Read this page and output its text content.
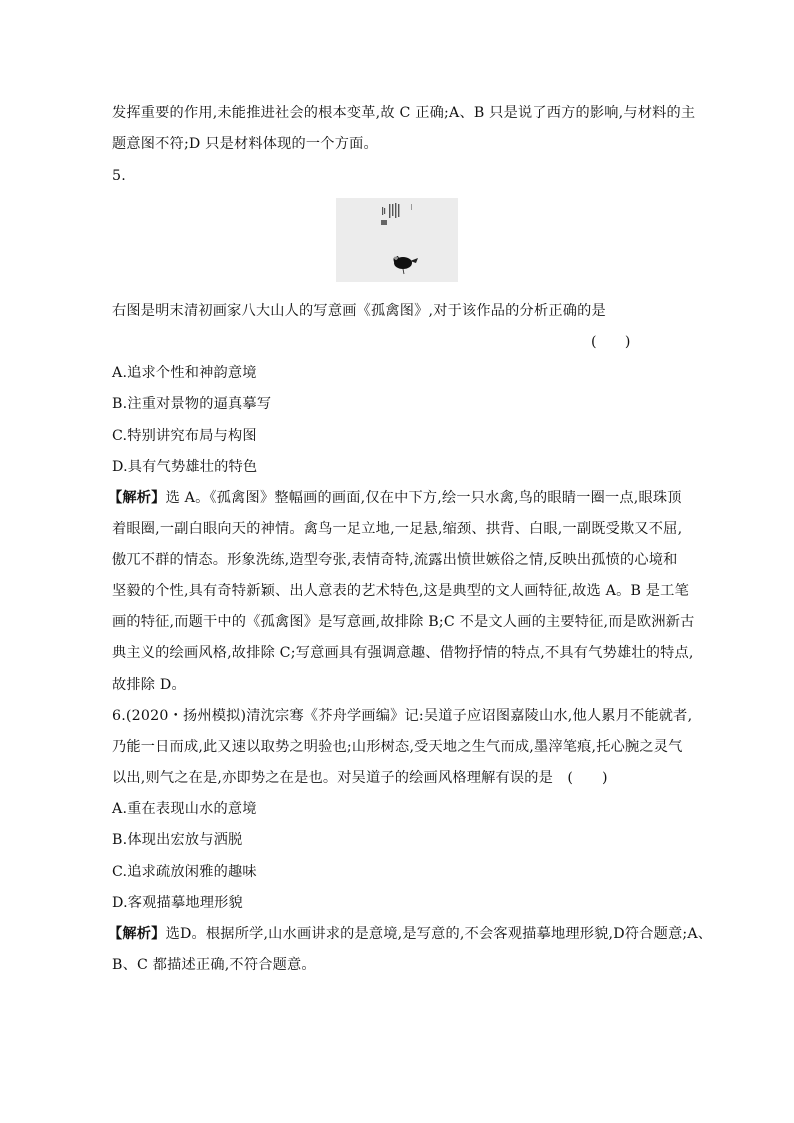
发挥重要的作用,未能推进社会的根本变革,故 C 正确;A、B 只是说了西方的影响,与材料的主
题意图不符;D 只是材料体现的一个方面。
5.
右图是明末清初画家八大山人的写意画《孤禽图》,对于该作品的分析正确的是
(　　)
A.追求个性和神韵意境
B.注重对景物的逼真摹写
C.特别讲究布局与构图
D.具有气势雄壮的特色
【解析】选 A。《孤禽图》整幅画的画面,仅在中下方,绘一只水禽,鸟的眼睛一圈一点,眼珠顶
着眼圈,一副白眼向天的神情。禽鸟一足立地,一足悬,缩颈、拱背、白眼,一副既受欺又不屈,
傲兀不群的情态。形象洗练,造型夸张,表情奇特,流露出愤世嫉俗之情,反映出孤愤的心境和
坚毅的个性,具有奇特新颖、出人意表的艺术特色,这是典型的文人画特征,故选 A。B 是工笔
画的特征,而题干中的《孤禽图》是写意画,故排除 B;C 不是文人画的主要特征,而是欧洲新古
典主义的绘画风格,故排除 C;写意画具有强调意趣、借物抒情的特点,不具有气势雄壮的特点,
故排除 D。
6.(2020・扬州模拟)清沈宗骞《芥舟学画编》记:吴道子应诏图嘉陵山水,他人累月不能就者,
乃能一日而成,此又速以取势之明验也;山形树态,受天地之生气而成,墨滓笔痕,托心腕之灵气
以出,则气之在是,亦即势之在是也。对吴道子的绘画风格理解有误的是　(　　)
A.重在表现山水的意境
B.体现出宏放与洒脱
C.追求疏放闲雅的趣味
D.客观描摹地理形貌
【解析】选D。根据所学,山水画讲求的是意境,是写意的,不会客观描摹地理形貌,D符合题意;A、
B、C 都描述正确,不符合题意。
